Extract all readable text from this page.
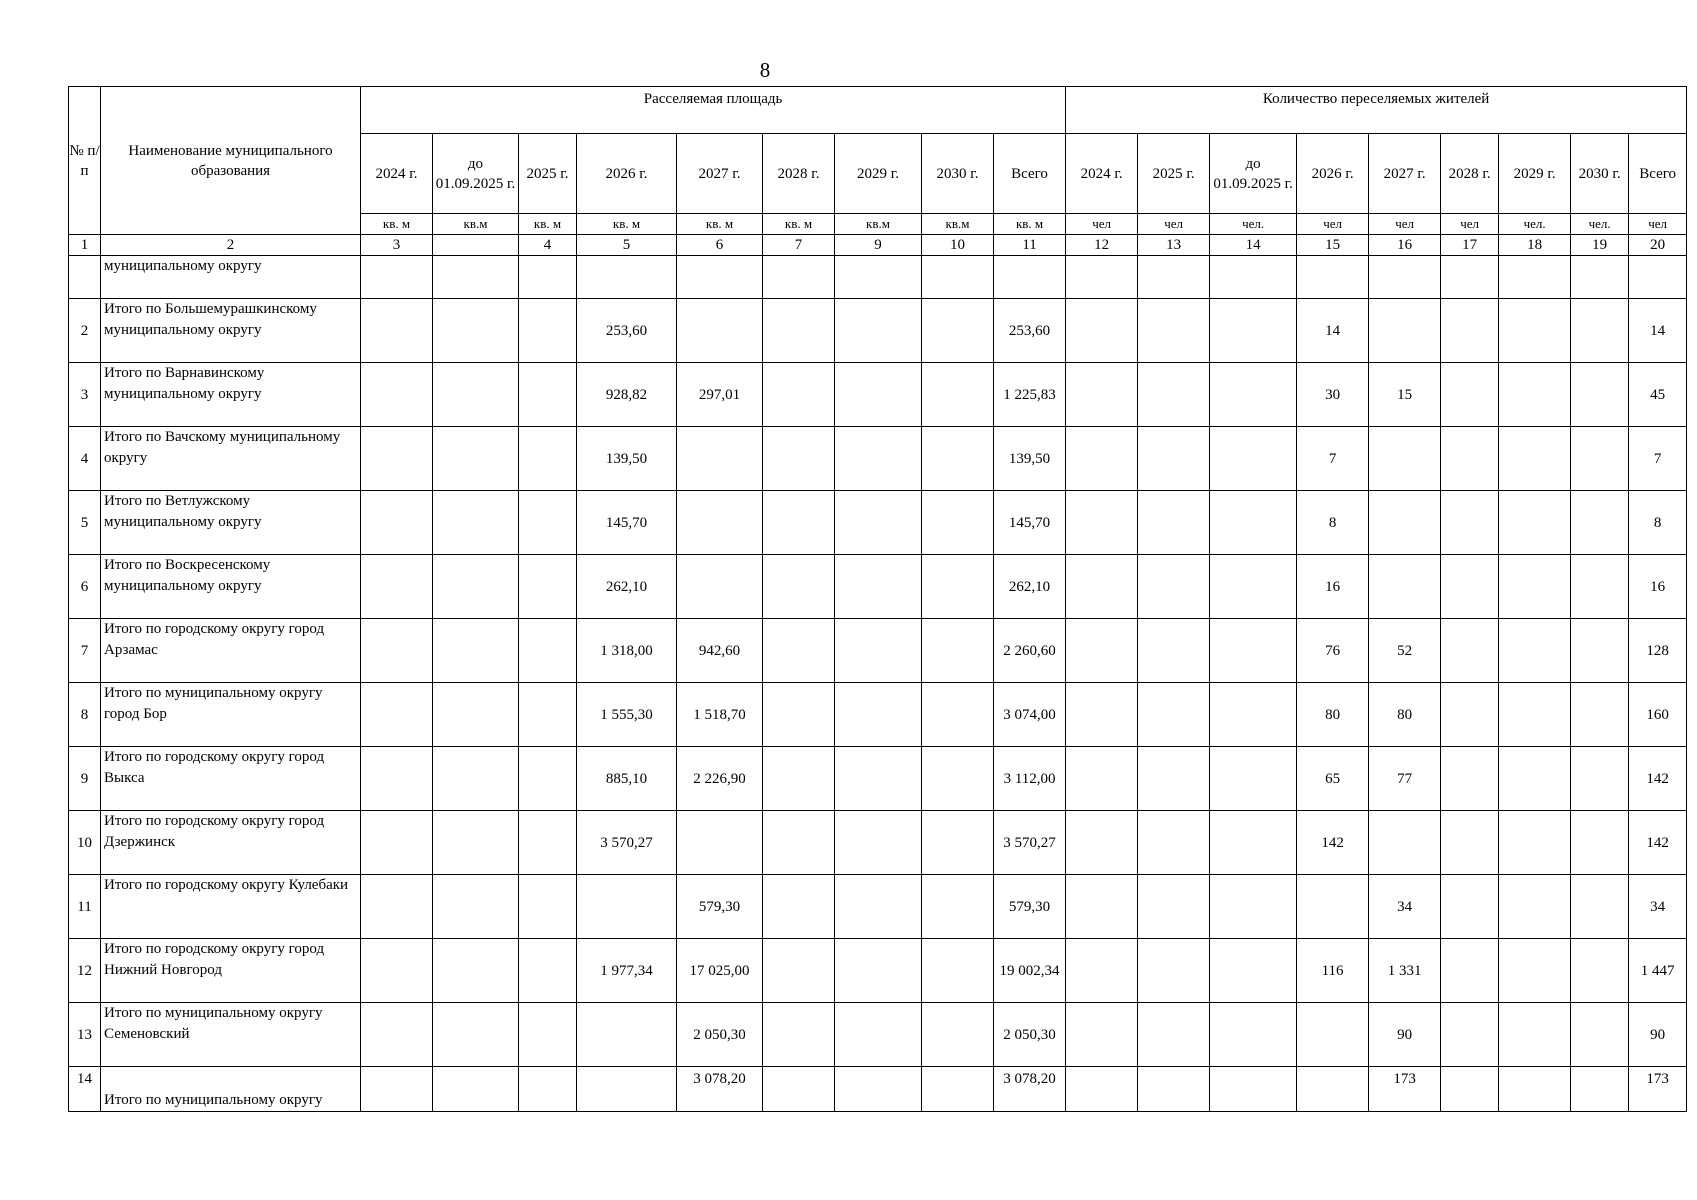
8
№ п/п	Наименование муниципального образования	Расселяемая площадь									Количество переселяемых жителей								
		2024 г.	до 01.09.2025 г.	2025 г.	2026 г.	2027 г.	2028 г.	2029 г.	2030 г.	Всего	2024 г.	2025 г.	до 01.09.2025 г.	2026 г.	2027 г.	2028 г.	2029 г.	2030 г.	Всего
		кв. м	кв.м	кв. м	кв. м	кв. м	кв. м	кв.м	кв.м	кв. м	чел	чел	чел.	чел	чел	чел	чел.	чел.	чел
1	2	3		4	5	6	7	9	10	11	12	13	14	15	16	17	18	19	20
	муниципальному округу																		
2	Итого по Большемурашкинскому муниципальному округу				253,60					253,60				14					14
3	Итого по Варнавинскому муниципальному округу				928,82	297,01				1 225,83				30	15				45
4	Итого по Вачскому муниципальному округу				139,50					139,50				7					7
5	Итого по Ветлужскому муниципальному округу				145,70					145,70				8					8
6	Итого по Воскресенскому муниципальному округу				262,10					262,10				16					16
7	Итого по городскому округу город Арзамас				1 318,00	942,60				2 260,60				76	52				128
8	Итого по муниципальному округу город Бор				1 555,30	1 518,70				3 074,00				80	80				160
9	Итого по городскому округу город Выкса				885,10	2 226,90				3 112,00				65	77				142
10	Итого по городскому округу город Дзержинск				3 570,27					3 570,27				142					142
11	Итого по городскому округу Кулебаки					579,30				579,30					34				34
12	Итого по городскому округу город Нижний Новгород				1 977,34	17 025,00				19 002,34				116	1 331				1 447
13	Итого по муниципальному округу Семеновский					2 050,30				2 050,30					90				90
14	Итого по муниципальному округу					3 078,20				3 078,20					173				173
